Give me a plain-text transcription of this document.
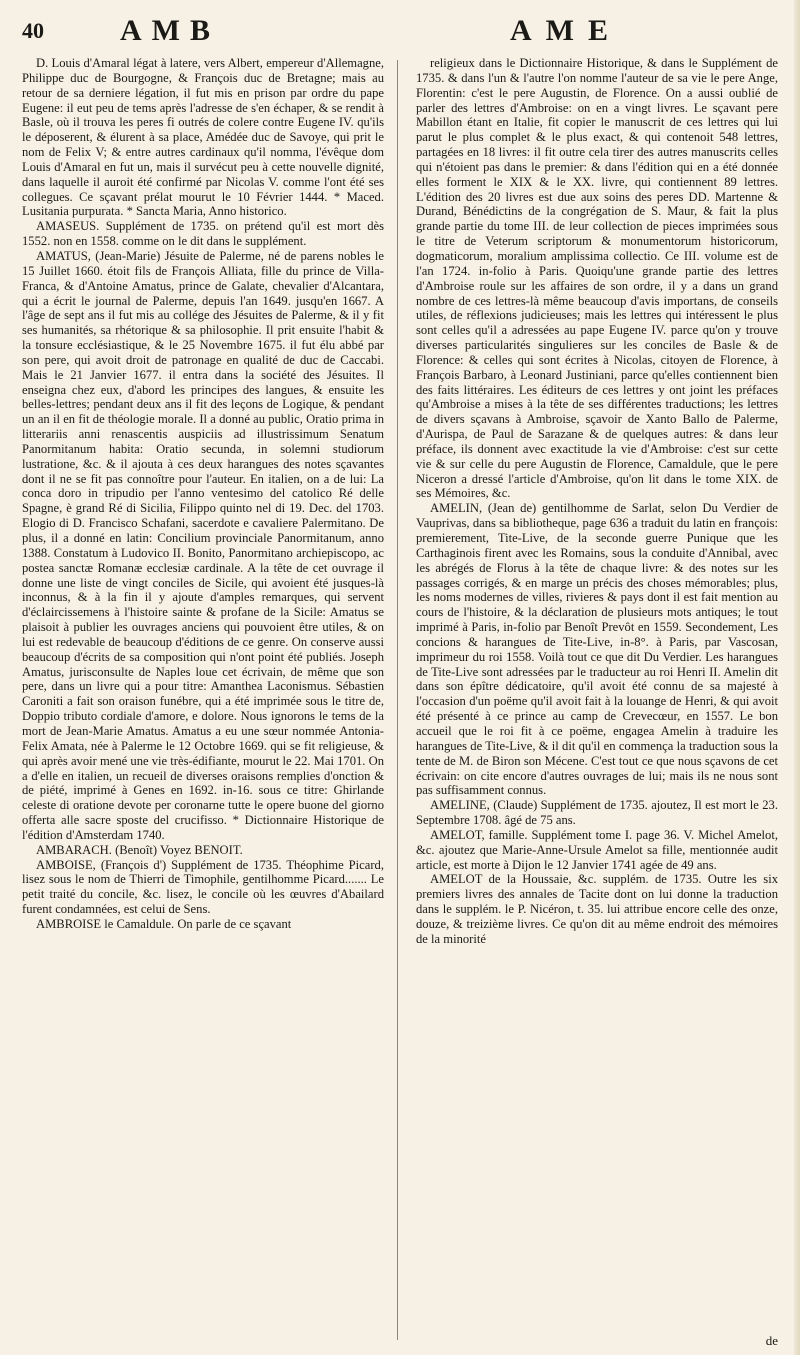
40	AMB	AME

D. Louis d'Amaral légat à latere, vers Albert, empereur d'Allemagne, Philippe duc de Bourgogne, & François duc de Bretagne; mais au retour de sa derniere légation, il fut mis en prison par ordre du pape Eugene: il eut peu de tems après l'adresse de s'en échaper, & se rendit à Basle, où il trouva les peres fi outrés de colere contre Eugene IV. qu'ils le déposerent, & élurent à sa place, Amédée duc de Savoye, qui prit le nom de Felix V; & entre autres cardinaux qu'il nomma, l'évêque dom Louis d'Amaral en fut un, mais il survécut peu à cette nouvelle dignité, dans laquelle il auroit été confirmé par Nicolas V. comme l'ont été ses collegues. Ce sçavant prélat mourut le 10 Février 1444. * Maced. Lusitania purpurata. * Sancta Maria, Anno historico.

AMASEUS. Supplément de 1735. on prétend qu'il est mort dès 1552. non en 1558. comme on le dit dans le supplément.

AMATUS, (Jean-Marie) Jésuite de Palerme, né de parens nobles le 15 Juillet 1660. étoit fils de François Alliata, fille du prince de Villa-Franca, & d'Antoine Amatus, prince de Galate, chevalier d'Alcantara, qui a écrit le journal de Palerme, depuis l'an 1649. jusqu'en 1667. A l'âge de sept ans il fut mis au collége des Jésuites de Palerme, & il y fit ses humanités, sa rhétorique & sa philosophie. Il prit ensuite l'habit & la tonsure ecclésiastique, & le 25 Novembre 1675. il fut élu abbé par son pere, qui avoit droit de patronage en qualité de duc de Caccabi. Mais le 21 Janvier 1677. il entra dans la société des Jésuites. Il enseigna chez eux, d'abord les principes des langues, & ensuite les belles-lettres; pendant deux ans il fit des leçons de Logique, & pendant un an il en fit de théologie morale. Il a donné au public, Oratio prima in litterariis anni renascentis auspiciis ad illustrissimum Senatum Panormitanum habita: Oratio secunda, in solemni studiorum lustratione, &c. & il ajouta à ces deux harangues des notes sçavantes dont il ne se fit pas connoître pour l'auteur. En italien, on a de lui: La conca doro in tripudio per l'anno ventesimo del catolico Ré delle Spagne, è grand Ré di Sicilia, Filippo quinto nel di 19. Dec. del 1703. Elogio di D. Francisco Schafani, sacerdote e cavaliere Palermitano. De plus, il a donné en latin: Concilium provinciale Panormitanum, anno 1388. Constatum à Ludovico II. Bonito, Panormitano archiepiscopo, ac postea sanctæ Romanæ ecclesiæ cardinale. A la tête de cet ouvrage il donne une liste de vingt conciles de Sicile, qui avoient été jusques-là inconnus, & à la fin il y ajoute d'amples remarques, qui servent d'éclaircissemens à l'histoire sainte & profane de la Sicile: Amatus se plaisoit à publier les ouvrages anciens qui pouvoient être utiles, & on lui est redevable de beaucoup d'éditions de ce genre. On conserve aussi beaucoup d'écrits de sa composition qui n'ont point été publiés. Joseph Amatus, jurisconsulte de Naples loue cet écrivain, de même que son pere, dans un livre qui a pour titre: Amanthea Laconismus. Sébastien Caroniti a fait son oraison funébre, qui a été imprimée sous le titre de, Doppio tributo cordiale d'amore, e dolore. Nous ignorons le tems de la mort de Jean-Marie Amatus. Amatus a eu une sœur nommée Antonia-Felix Amata, née à Palerme le 12 Octobre 1669. qui se fit religieuse, & qui après avoir mené une vie très-édifiante, mourut le 22. Mai 1701. On a d'elle en italien, un recueil de diverses oraisons remplies d'onction & de piété, imprimé à Genes en 1692. in-16. sous ce titre: Ghirlande celeste di oratione devote per coronarne tutte le opere buone del giorno offerta alle sacre sposte del crucifisso. * Dictionnaire Historique de l'édition d'Amsterdam 1740.

AMBARACH. (Benoît) Voyez BENOIT.

AMBOISE, (François d') Supplément de 1735. Théophime Picard, lisez sous le nom de Thierri de Timophile, gentilhomme Picard....... Le petit traité du concile, &c. lisez, le concile où les œuvres d'Abailard furent condamnées, est celui de Sens.

AMBROISE le Camaldule. On parle de ce sçavant

religieux dans le Dictionnaire Historique, & dans le Supplément de 1735. & dans l'un & l'autre l'on nomme l'auteur de sa vie le pere Ange, Florentin: c'est le pere Augustin, de Florence. On a aussi oublié de parler des lettres d'Ambroise: on en a vingt livres. Le sçavant pere Mabillon étant en Italie, fit copier le manuscrit de ces lettres qui lui parut le plus complet & le plus exact, & qui contenoit 548 lettres, partagées en 18 livres: il fit outre cela tirer des autres manuscrits celles qui n'étoient pas dans le premier: & dans l'édition qui en a été donnée elles forment le XIX & le XX. livre, qui contiennent 89 lettres. L'édition des 20 livres est due aux soins des peres DD. Martenne & Durand, Bénédictins de la congrégation de S. Maur, & fait la plus grande partie du tome III. de leur collection de pieces imprimées sous le titre de Veterum scriptorum & monumentorum historicorum, dogmaticorum, moralium amplissima collectio. Ce III. volume est de l'an 1724. in-folio à Paris. Quoiqu'une grande partie des lettres d'Ambroise roule sur les affaires de son ordre, il y a dans un grand nombre de ces lettres-là même beaucoup d'avis importans, de conseils utiles, de réflexions judicieuses; mais les lettres qui intéressent le plus sont celles qu'il a adressées au pape Eugene IV. parce qu'on y trouve diverses particularités singulieres sur les conciles de Basle & de Florence: & celles qui sont écrites à Nicolas, citoyen de Florence, à François Barbaro, à Leonard Justiniani, parce qu'elles contiennent bien des faits littéraires. Les éditeurs de ces lettres y ont joint les préfaces qu'Ambroise a mises à la tête de ses différentes traductions; les lettres de divers sçavans à Ambroise, sçavoir de Xanto Ballo de Palerme, d'Aurispa, de Paul de Sarazane & de quelques autres: & dans leur préface, ils donnent avec exactitude la vie d'Ambroise: c'est sur cette vie & sur celle du pere Augustin de Florence, Camaldule, que le pere Niceron a dressé l'article d'Ambroise, qu'on lit dans le tome XIX. de ses Mémoires, &c.

AMELIN, (Jean de) gentilhomme de Sarlat, selon Du Verdier de Vauprivas, dans sa bibliotheque, page 636 a traduit du latin en françois: premierement, Tite-Live, de la seconde guerre Punique que les Carthaginois firent avec les Romains, sous la conduite d'Annibal, avec les abrégés de Florus à la tête de chaque livre: & des notes sur les passages corrigés, & en marge un précis des choses mémorables; plus, les noms modernes de villes, rivieres & pays dont il est fait mention au cours de l'histoire, & la déclaration de plusieurs mots antiques; le tout imprimé à Paris, in-folio par Benoît Prevôt en 1559. Secondement, Les concions & harangues de Tite-Live, in-8°. à Paris, par Vascosan, imprimeur du roi 1558. Voilà tout ce que dit Du Verdier. Les harangues de Tite-Live sont adressées par le traducteur au roi Henri II. Amelin dit dans son épître dédicatoire, qu'il avoit été connu de sa majesté à l'occasion d'un poëme qu'il avoit fait à la louange de Henri, & qui avoit été présenté à ce prince au camp de Crevecœur, en 1557. Le bon accueil que le roi fit à ce poëme, engagea Amelin à traduire les harangues de Tite-Live, & il dit qu'il en commença la traduction sous la tente de M. de Biron son Mécene. C'est tout ce que nous sçavons de cet écrivain: on cite encore d'autres ouvrages de lui; mais ils ne nous sont pas suffisamment connus.

AMELINE, (Claude) Supplément de 1735. ajoutez, Il est mort le 23. Septembre 1708. âgé de 75 ans.

AMELOT, famille. Supplément tome I. page 36. V. Michel Amelot, &c. ajoutez que Marie-Anne-Ursule Amelot sa fille, mentionnée audit article, est morte à Dijon le 12 Janvier 1741 agée de 49 ans.

AMELOT de la Houssaie, &c. supplém. de 1735. Outre les six premiers livres des annales de Tacite dont on lui donne la traduction dans le supplém. le P. Nicéron, t. 35. lui attribue encore celle des onze, douze, & treizième livres. Ce qu'on dit au même endroit des mémoires de la minorité

de
